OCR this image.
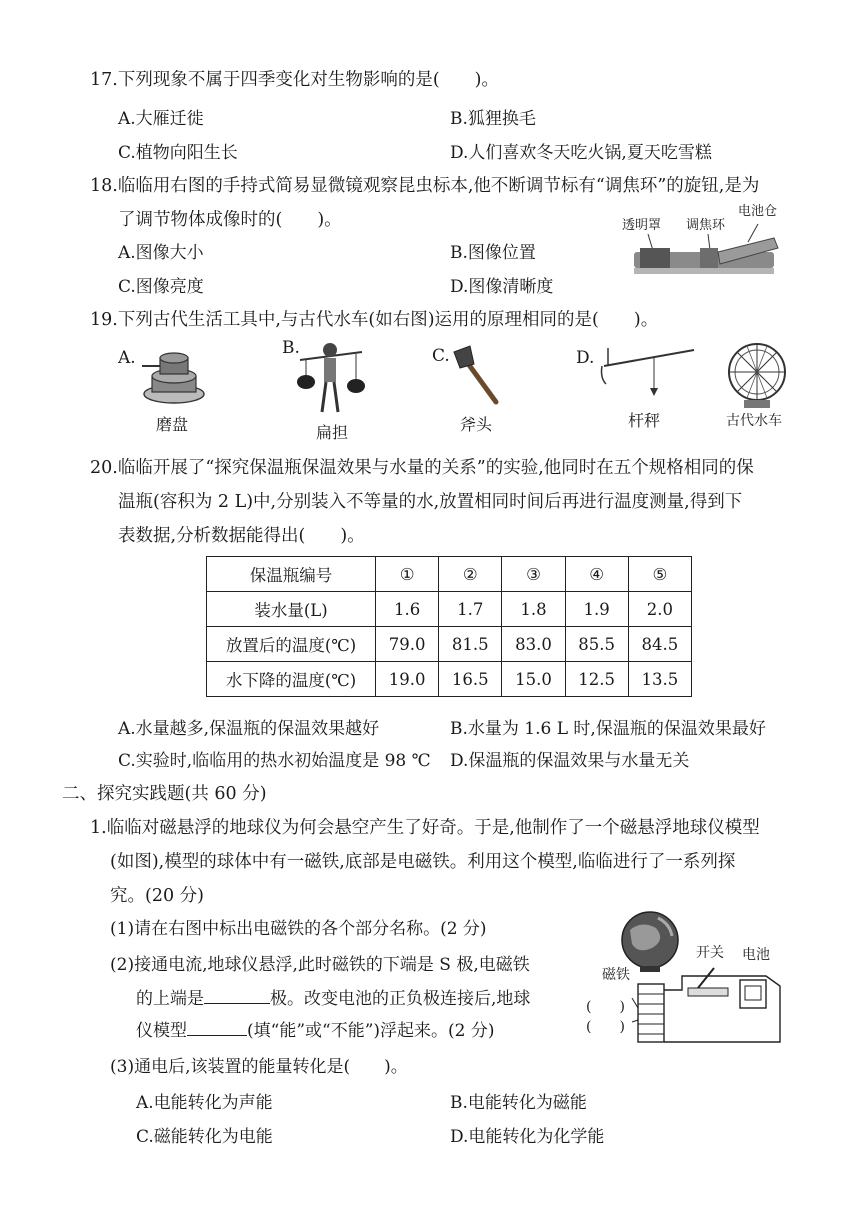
17.下列现象不属于四季变化对生物影响的是(　　)。
A.大雁迁徙	B.狐狸换毛
C.植物向阳生长	D.人们喜欢冬天吃火锅,夏天吃雪糕
18.临临用右图的手持式简易显微镜观察昆虫标本,他不断调节标有“调焦环”的旋钮,是为
了调节物体成像时的(　　)。
A.图像大小	B.图像位置
C.图像亮度	D.图像清晰度
透明罩 调焦环
电池仓
19.下列古代生活工具中,与古代水车(如右图)运用的原理相同的是(　　)。
A.
磨盘
B.
扁担
C.
斧头
D.
杆秤	古代水车
20.临临开展了“探究保温瓶保温效果与水量的关系”的实验,他同时在五个规格相同的保
温瓶(容积为 2 L)中,分别装入不等量的水,放置相同时间后再进行温度测量,得到下
表数据,分析数据能得出(　　)。
保温瓶编号	①	②	③	④	⑤
装水量(L)	1.6	1.7	1.8	1.9	2.0
放置后的温度(℃)	79.0	81.5	83.0	85.5	84.5
水下降的温度(℃)	19.0	16.5	15.0	12.5	13.5
A.水量越多,保温瓶的保温效果越好	B.水量为 1.6 L 时,保温瓶的保温效果最好
C.实验时,临临用的热水初始温度是 98 ℃ D.保温瓶的保温效果与水量无关
二、探究实践题(共 60 分)
1.临临对磁悬浮的地球仪为何会悬空产生了好奇。于是,他制作了一个磁悬浮地球仪模型
(如图),模型的球体中有一磁铁,底部是电磁铁。利用这个模型,临临进行了一系列探
究。(20 分)
(1)请在右图中标出电磁铁的各个部分名称。(2 分)
(2)接通电流,地球仪悬浮,此时磁铁的下端是 S 极,电磁铁
的上端是	极。改变电池的正负极连接后,地球
仪模型	(填“能”或“不能”)浮起来。(2 分)
(3)通电后,该装置的能量转化是(　　)。
A.电能转化为声能	B.电能转化为磁能
C.磁能转化为电能	D.电能转化为化学能
磁铁
开关 电池
(　　)
(　　)
